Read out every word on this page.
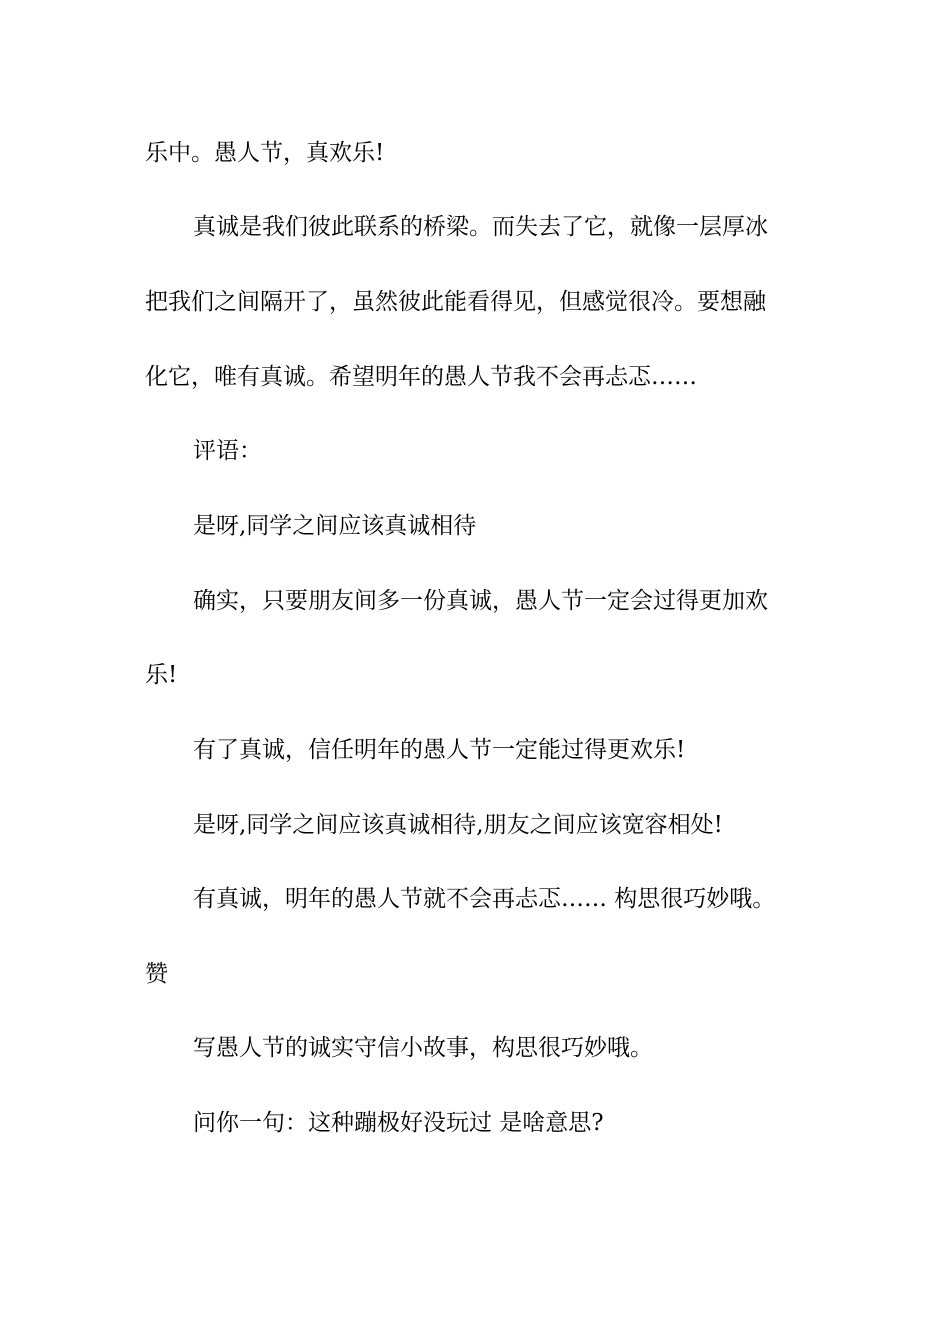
乐中。愚人节，真欢乐!
真诚是我们彼此联系的桥梁。而失去了它，就像一层厚冰
把我们之间隔开了，虽然彼此能看得见，但感觉很冷。要想融
化它，唯有真诚。希望明年的愚人节我不会再忐忑……
评语：
是呀,同学之间应该真诚相待
确实，只要朋友间多一份真诚，愚人节一定会过得更加欢
乐!
有了真诚，信任明年的愚人节一定能过得更欢乐!
是呀,同学之间应该真诚相待,朋友之间应该宽容相处!
有真诚，明年的愚人节就不会再忐忑…… 构思很巧妙哦。
赞
写愚人节的诚实守信小故事，构思很巧妙哦。
问你一句：这种蹦极好没玩过 是啥意思?
